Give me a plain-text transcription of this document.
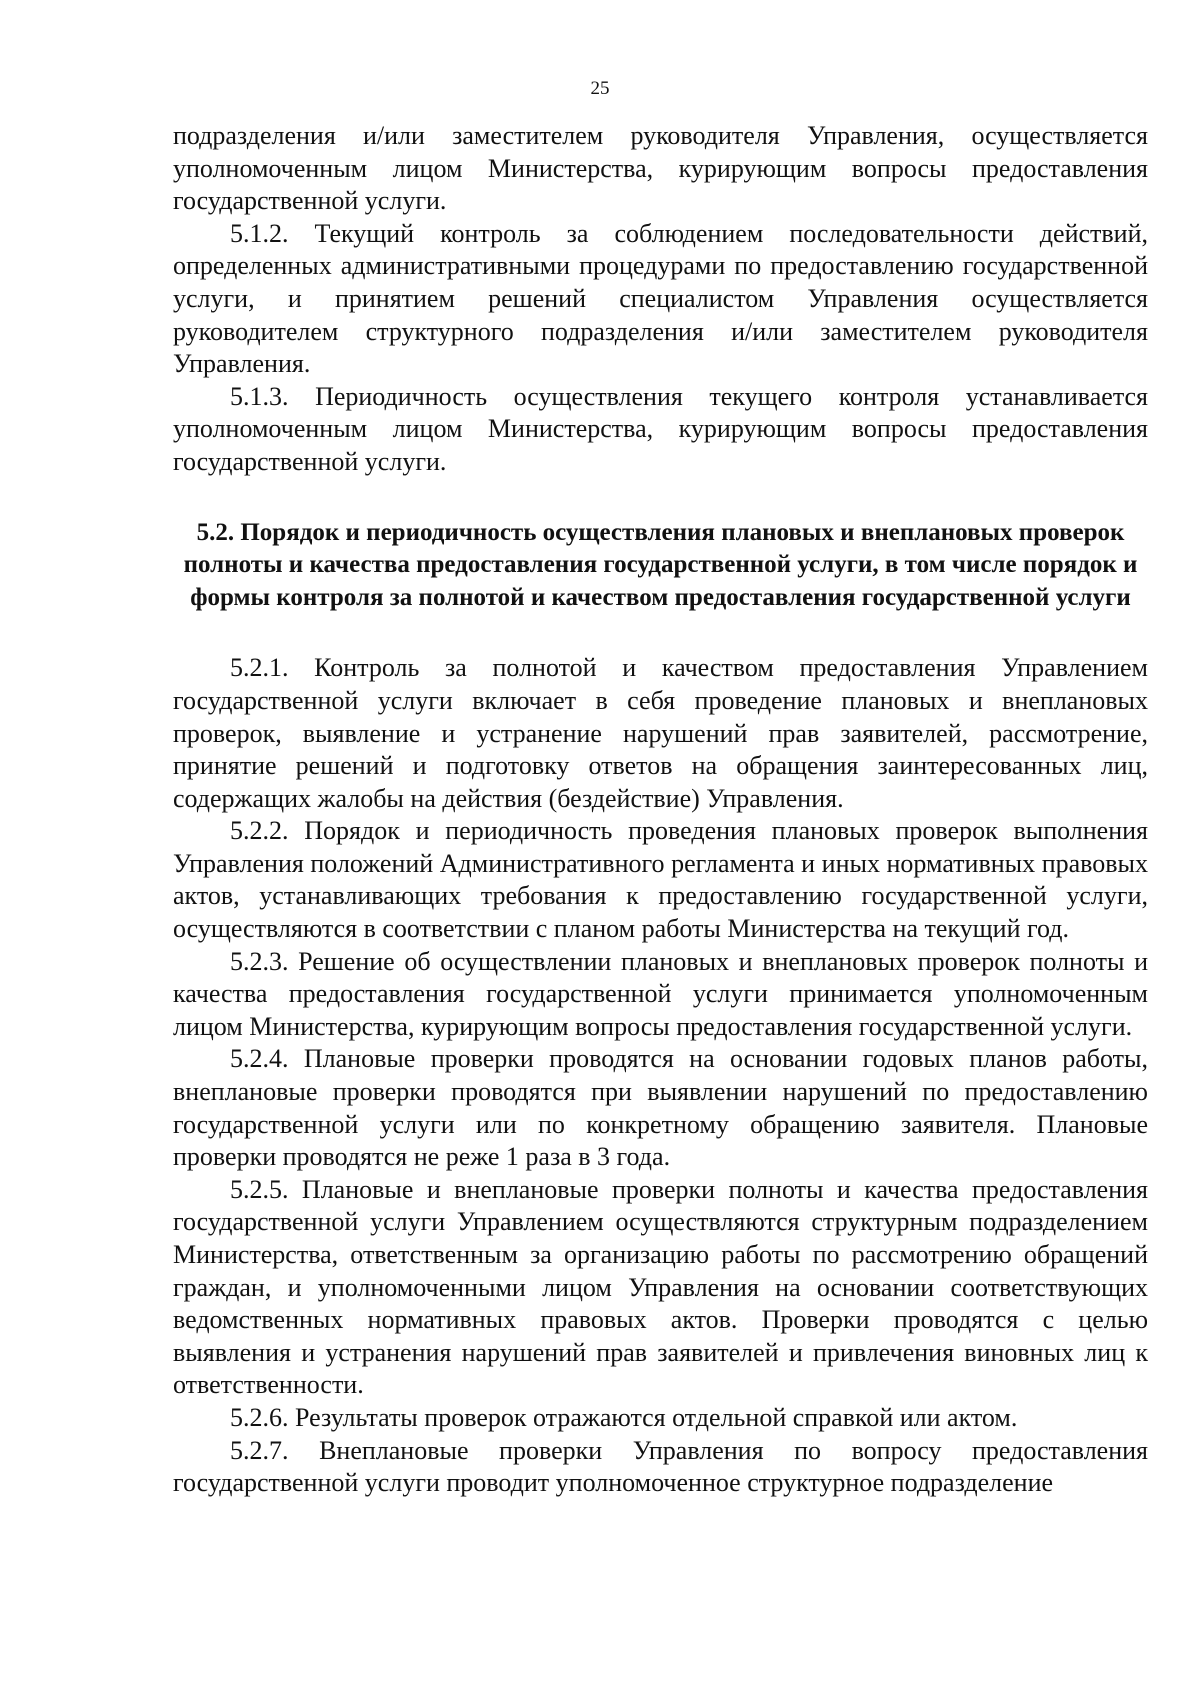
25

подразделения и/или заместителем руководителя Управления, осуществляется уполномоченным лицом Министерства, курирующим вопросы предоставления государственной услуги.

5.1.2. Текущий контроль за соблюдением последовательности действий, определенных административными процедурами по предоставлению государственной услуги, и принятием решений специалистом Управления осуществляется руководителем структурного подразделения и/или заместителем руководителя Управления.

5.1.3. Периодичность осуществления текущего контроля устанавливается уполномоченным лицом Министерства, курирующим вопросы предоставления государственной услуги.

5.2. Порядок и периодичность осуществления плановых и внеплановых проверок полноты и качества предоставления государственной услуги, в том числе порядок и формы контроля за полнотой и качеством предоставления государственной услуги

5.2.1. Контроль за полнотой и качеством предоставления Управлением государственной услуги включает в себя проведение плановых и внеплановых проверок, выявление и устранение нарушений прав заявителей, рассмотрение, принятие решений и подготовку ответов на обращения заинтересованных лиц, содержащих жалобы на действия (бездействие) Управления.

5.2.2. Порядок и периодичность проведения плановых проверок выполнения Управления положений Административного регламента и иных нормативных правовых актов, устанавливающих требования к предоставлению государственной услуги, осуществляются в соответствии с планом работы Министерства на текущий год.

5.2.3. Решение об осуществлении плановых и внеплановых проверок полноты и качества предоставления государственной услуги принимается уполномоченным лицом Министерства, курирующим вопросы предоставления государственной услуги.

5.2.4. Плановые проверки проводятся на основании годовых планов работы, внеплановые проверки проводятся при выявлении нарушений по предоставлению государственной услуги или по конкретному обращению заявителя. Плановые проверки проводятся не реже 1 раза в 3 года.

5.2.5. Плановые и внеплановые проверки полноты и качества предоставления государственной услуги Управлением осуществляются структурным подразделением Министерства, ответственным за организацию работы по рассмотрению обращений граждан, и уполномоченными лицом Управления на основании соответствующих ведомственных нормативных правовых актов. Проверки проводятся с целью выявления и устранения нарушений прав заявителей и привлечения виновных лиц к ответственности.

5.2.6. Результаты проверок отражаются отдельной справкой или актом.

5.2.7. Внеплановые проверки Управления по вопросу предоставления государственной услуги проводит уполномоченное структурное подразделение
